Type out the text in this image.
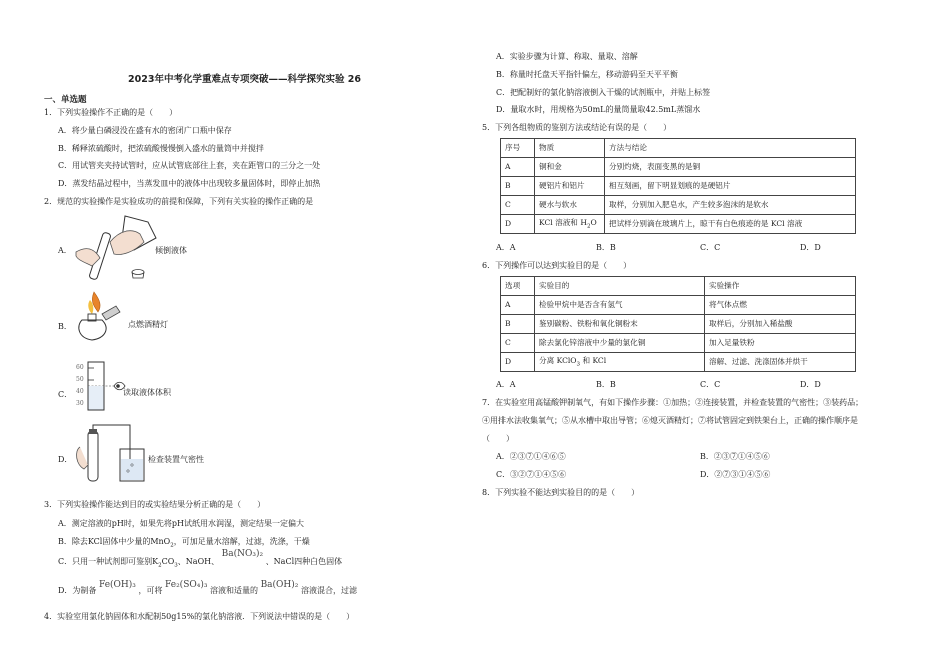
2023年中考化学重难点专项突破——科学探究实验 26
一、单选题
1．下列实验操作不正确的是（　　）
A．将少量白磷浸没在盛有水的密闭广口瓶中保存
B．稀释浓硫酸时，把浓硫酸慢慢倒入盛水的量筒中并搅拌
C．用试管夹夹持试管时，应从试管底部往上套，夹在距管口的三分之一处
D．蒸发结晶过程中，当蒸发皿中的液体中出现较多量固体时，即停止加热
2．规范的实验操作是实验成功的前提和保障，下列有关实验的操作正确的是
A．	倾倒液体
B．	点燃酒精灯
C．
60
50
40
30
读取液体体积
D．	检查装置气密性
3．下列实验操作能达到目的或实验结果分析正确的是（　　）
A．测定溶液的pH时，如果先将pH试纸用水润湿，测定结果一定偏大
B．除去KCl固体中少量的MnO$_2$，可加足量水溶解，过滤，洗涤，干燥
C．只用一种试剂即可鉴别$K_2CO_3$、NaOH、 Ba(NO₃)₂ 、NaCl四种白色固体
D．为制备 Fe(OH)₃ ，可将 Fe₂(SO₄)₃ 溶液和适量的 Ba(OH)₂ 溶液混合，过滤
4．实验室用氯化钠固体和水配制50g15%的氯化钠溶液．下列说法中错误的是（　　）
A．实验步骤为计算、称取、量取、溶解
B．称量时托盘天平指针偏左，移动游码至天平平衡
C．把配制好的氯化钠溶液倒入干燥的试剂瓶中，并贴上标签
D．量取水时，用规格为50mL的量筒量取42.5mL蒸馏水
5．下列各组物质的鉴别方法或结论有误的是（　　）
序号	物质	方法与结论
A	铜和金	分别灼烧，表面变黑的是铜
B	硬铝片和铝片	相互刻画，留下明显划痕的是硬铝片
C	硬水与软水	取样，分别加入肥皂水，产生较多泡沫的是软水
D	KCl 溶液和 $H_2O$	把试样分别滴在玻璃片上，晾干有白色痕迹的是 KCl 溶液
A．A	B．B	C．C	D．D
6．下列操作可以达到实验目的是（　　）
选项	实验目的	实验操作
A	检验甲烷中是否含有氢气	将气体点燃
B	鉴别碳粉、铁粉和氧化铜粉末	取样后，分别加入稀盐酸
C	除去氯化锌溶液中少量的氯化铜	加入足量铁粉
D	分离 KClO$_3$ 和 KCl	溶解、过滤、洗涤固体并烘干
A．A	B．B	C．C	D．D
7．在实验室用高锰酸钾制氧气，有如下操作步骤：①加热；②连接装置，并检查装置的气密性；③装药品；
④用排水法收集氧气；⑤从水槽中取出导管；⑥熄灭酒精灯；⑦将试管固定到铁架台上，正确的操作顺序是
（　　）
A．②③⑦①④⑥⑤	B．②③⑦①④⑤⑥
C．③②⑦①④⑤⑥	D．②⑦③①④⑤⑥
8．下列实验不能达到实验目的的是（　　）
